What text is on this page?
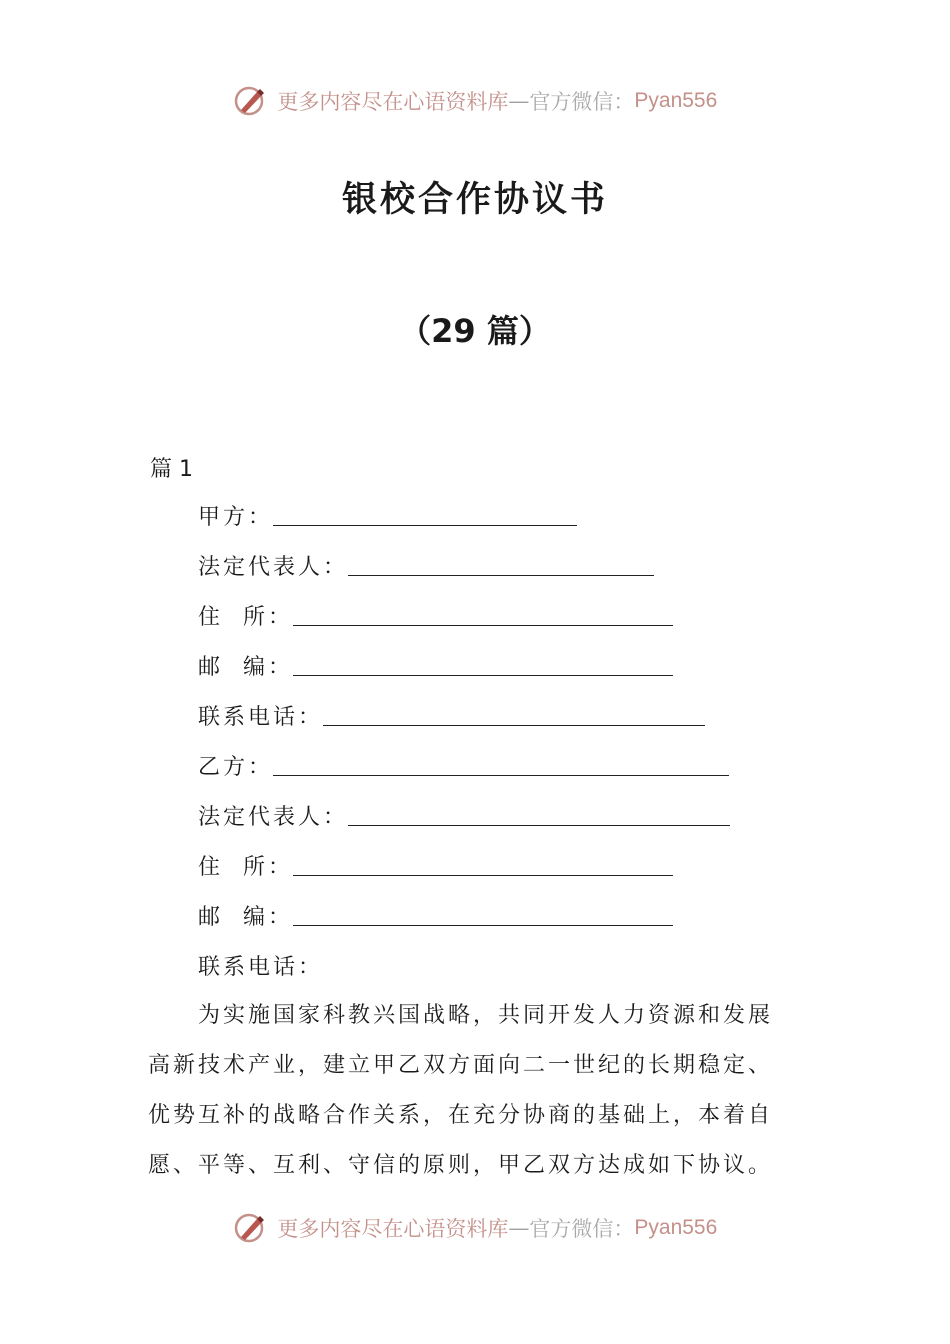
更多内容尽在心语资料库—官方微信：Pyan556
银校合作协议书
（29 篇）
篇 1
甲方：
法定代表人：
住  所：
邮  编：
联系电话：
乙方：
法定代表人：
住  所：
邮  编：
联系电话：
为实施国家科教兴国战略，共同开发人力资源和发展
高新技术产业，建立甲乙双方面向二一世纪的长期稳定、
优势互补的战略合作关系，在充分协商的基础上，本着自
愿、平等、互利、守信的原则，甲乙双方达成如下协议。
更多内容尽在心语资料库—官方微信：Pyan556
